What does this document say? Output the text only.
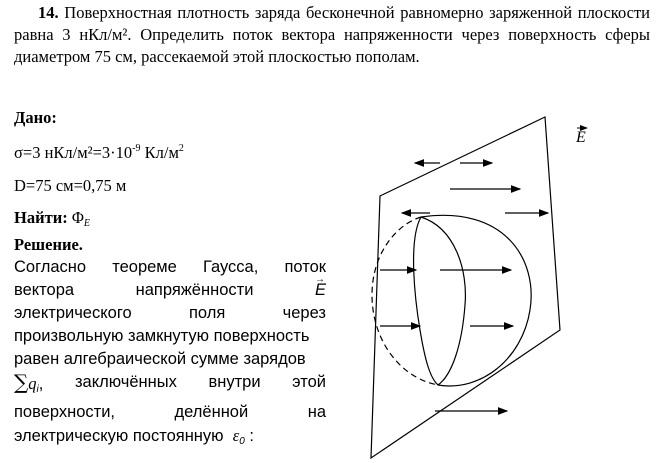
14. Поверхностная плотность заряда бесконечной равномерно заряженной плоскости равна 3 нКл/м². Определить поток вектора напряженности через поверхность сферы диаметром 75 см, рассекаемой этой плоскостью пополам.

Дано:
σ=3 нКл/$м^2=3\cdot 10^{-9}$ $Кл/м^2$
D=75 см=0,75 м
Найти: $\Phi_E$
Решение.
Согласно теореме Гаусса, поток
вектора	напряжённости
→	E
электрического	поля	через
произвольную замкнутую поверхность
равен алгебраической сумме зарядов
$\sum q_i$, заключённых внутри этой
поверхности,	делённой	на
электрическую постоянную $\varepsilon_0$ :
E
